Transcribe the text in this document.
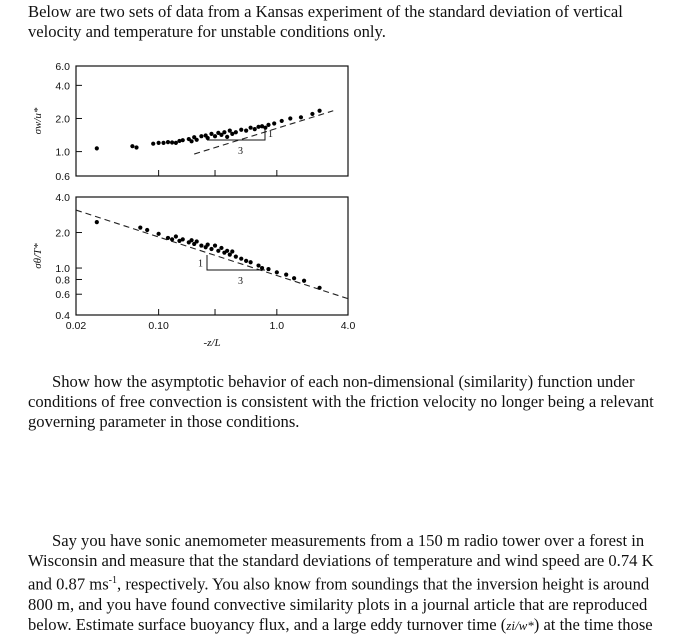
Below are two sets of data from a Kansas experiment of the standard deviation of vertical velocity and temperature for unstable conditions only.

σw/u*
σθ/T*
-z/L
6.0
4.0
2.0
1.0
0.6
4.0
2.0
1.0
0.8
0.6
0.4
0.02	0.10	1.0	4.0
1
3
1
3

Show how the asymptotic behavior of each non-dimensional (similarity) function under conditions of free convection is consistent with the friction velocity no longer being a relevant governing parameter in those conditions.

Say you have sonic anemometer measurements from a 150 m radio tower over a forest in
Wisconsin and measure that the standard deviations of temperature and wind speed are 0.74 K
and 0.87 $ms^{-1}$, respectively. You also know from soundings that the inversion height is around
800 m, and you have found convective similarity plots in a journal article that are reproduced
below. Estimate surface buoyancy flux, and a large eddy turnover time (zi/w*) at the time those
